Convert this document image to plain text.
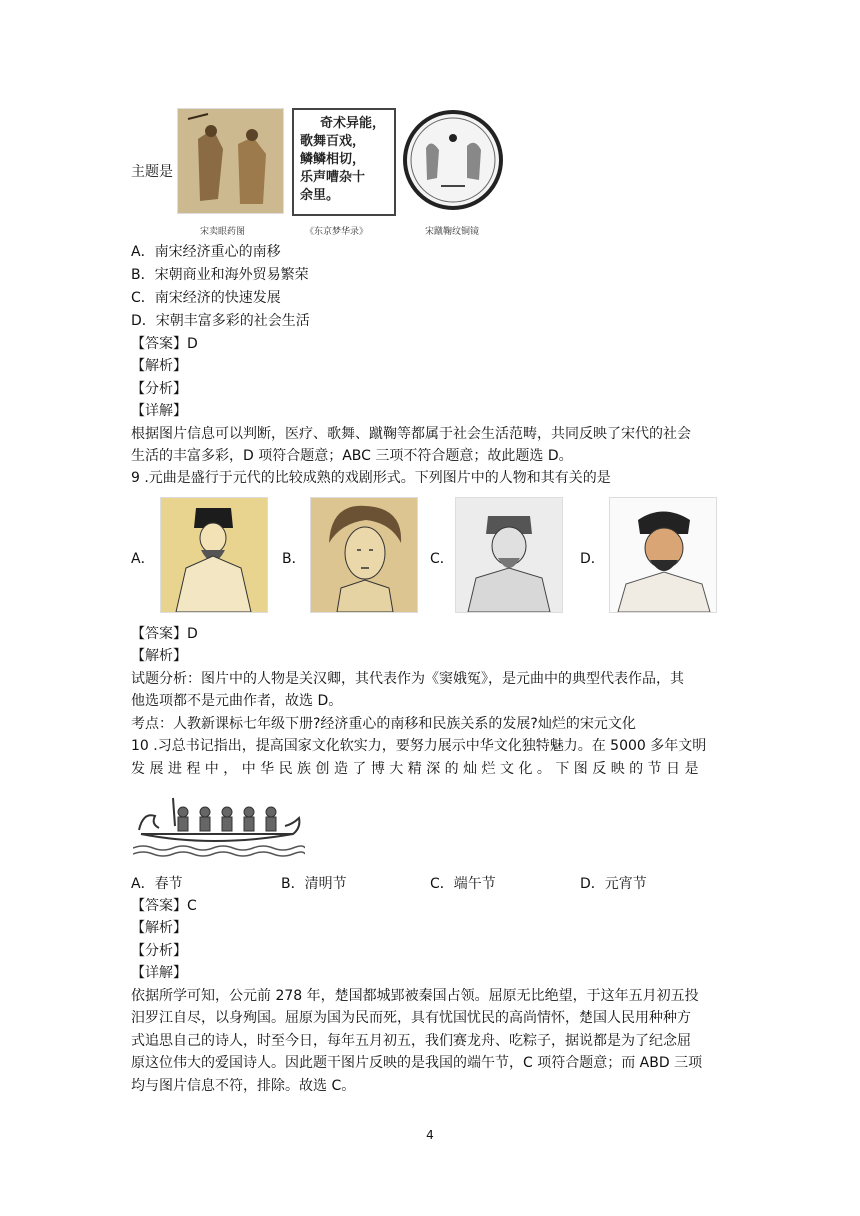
主题是
宋卖眼药图
奇术异能，
歌舞百戏，
鳞鳞相切，
乐声嘈杂十
余里。
《东京梦华录》	宋蹴鞠纹铜镜
A．南宋经济重心的南移
B．宋朝商业和海外贸易繁荣
C．南宋经济的快速发展
D．宋朝丰富多彩的社会生活
【答案】D
【解析】
【分析】
【详解】
根据图片信息可以判断，医疗、歌舞、蹴鞠等都属于社会生活范畴，共同反映了宋代的社会
生活的丰富多彩，D 项符合题意；ABC 三项不符合题意；故此题选 D。
9 .元曲是盛行于元代的比较成熟的戏剧形式。下列图片中的人物和其有关的是
A．	B．	C．	D．
【答案】D
【解析】
试题分析：图片中的人物是关汉卿，其代表作为《窦娥冤》，是元曲中的典型代表作品，其
他选项都不是元曲作者，故选 D。
考点：人教新课标七年级下册?经济重心的南移和民族关系的发展?灿烂的宋元文化
10 .习总书记指出，提高国家文化软实力，要努力展示中华文化独特魅力。在 5000 多年文明
发 展 进 程 中 ， 中 华 民 族 创 造 了 博 大 精 深 的 灿 烂 文 化 。 下 图 反 映 的 节 日 是
A．春节	B．清明节	C．端午节	D．元宵节
【答案】C
【解析】
【分析】
【详解】
依据所学可知，公元前 278 年，楚国都城郢被秦国占领。屈原无比绝望，于这年五月初五投
汨罗江自尽，以身殉国。屈原为国为民而死，具有忧国忧民的高尚情怀，楚国人民用种种方
式追思自己的诗人，时至今日，每年五月初五，我们赛龙舟、吃粽子，据说都是为了纪念屈
原这位伟大的爱国诗人。因此题干图片反映的是我国的端午节，C 项符合题意；而 ABD 三项
均与图片信息不符，排除。故选 C。
4
